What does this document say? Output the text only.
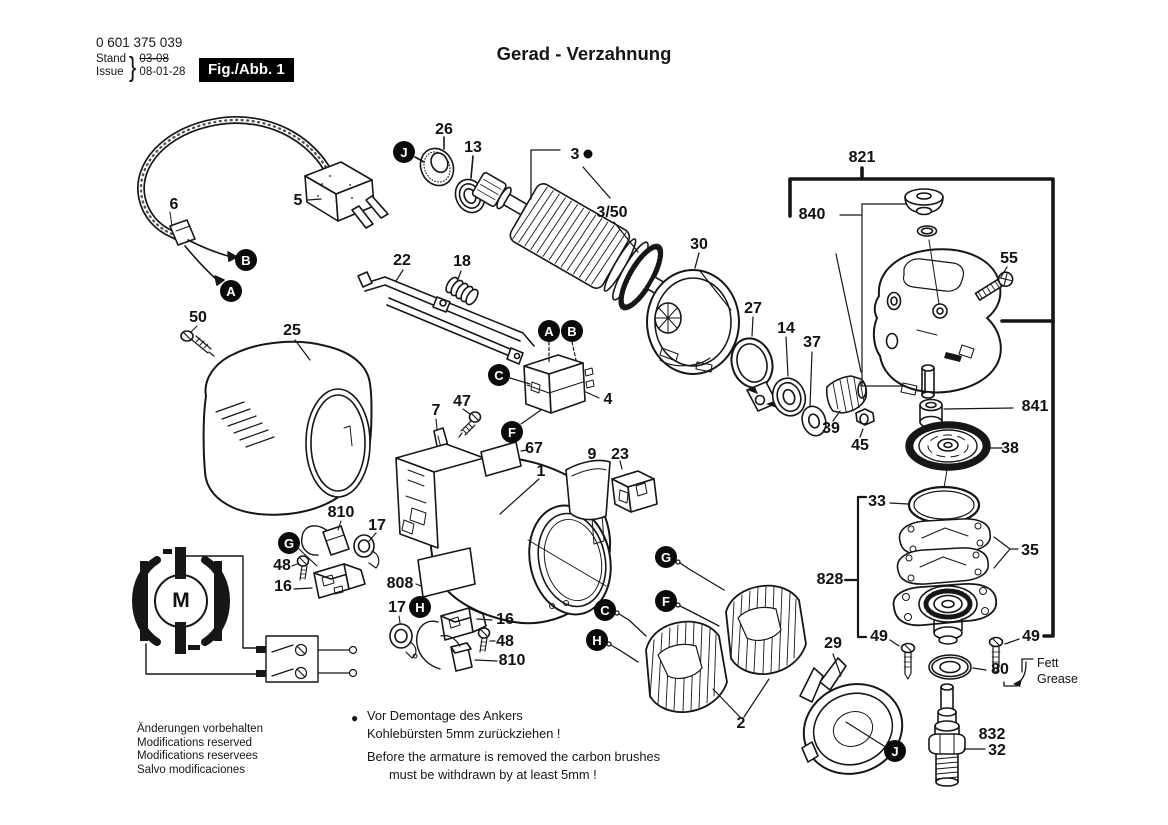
0 601 375 039
Stand
Issue } 03-08
08-01-28	Fig./Abb. 1
Gerad - Verzahnung
26
13	3
3/50
821
840
5
6
22	18
30
27
14
37
55
50
25
4	841
39
45	38
7
47
67
1
9 23
33
35
810
17
48
16	808	828
29 49	49
80
2
832
32
17
16
48
810
M
Fett
Grease
J
B
A
A	B
C
F
G
G
F
C
H
H
J
Änderungen vorbehalten
Modifications reserved
Modifications reservees
Salvo modificaciones
● Vor Demontage des Ankers
Kohlebürsten 5mm zurückziehen !
Before the armature is removed the carbon brushes
must be withdrawn by at least 5mm !
